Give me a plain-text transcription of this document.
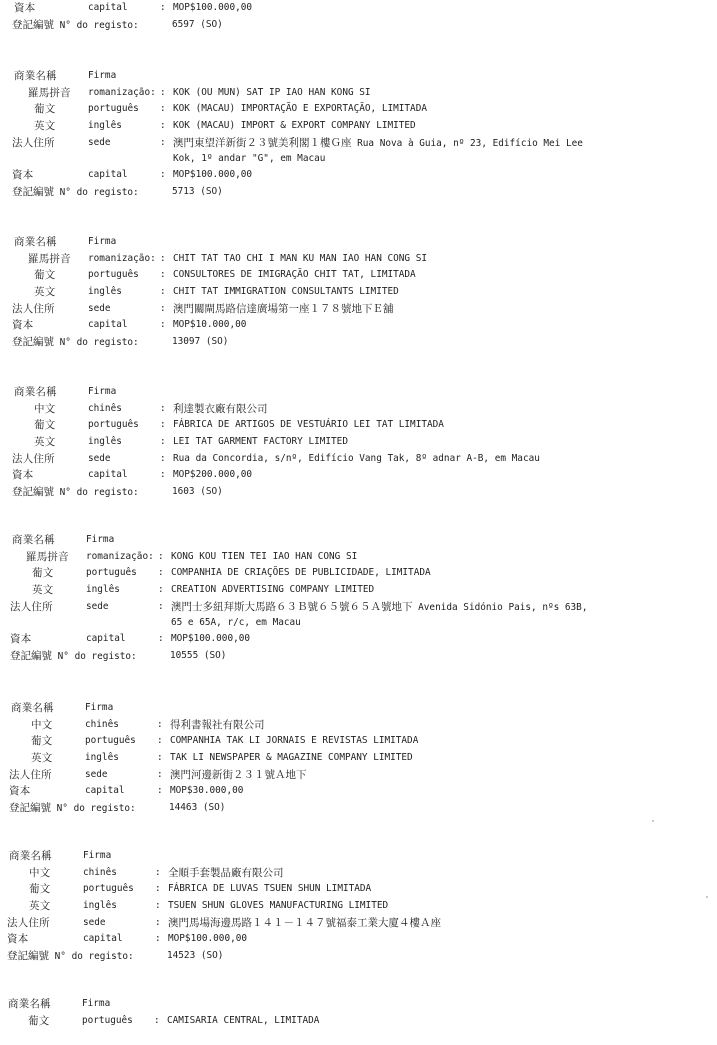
資本	capital	: MOP$100.000,00
登記編號 N° do registo:	6597 (SO)
商業名稱	Firma
羅馬拼音 romanização: : KOK (OU MUN) SAT IP IAO HAN KONG SI
葡文	português : KOK (MACAU) IMPORTAÇÃO E EXPORTAÇÃO, LIMITADA
英文	inglês	: KOK (MACAU) IMPORT & EXPORT COMPANY LIMITED
法人住所	sede	: 澳門東望洋新街２３號美利閣１樓Ｇ座 Rua Nova à Guia, nº 23, Edifício Mei Lee
Kok, 1º andar "G", em Macau
資本	capital	: MOP$100.000,00
登記編號 N° do registo:	5713 (SO)
商業名稱	Firma
羅馬拼音 romanização: : CHIT TAT TAO CHI I MAN KU MAN IAO HAN CONG SI
葡文	português : CONSULTORES DE IMIGRAÇÃO CHIT TAT, LIMITADA
英文	inglês	: CHIT TAT IMMIGRATION CONSULTANTS LIMITED
法人住所	sede	: 澳門關閘馬路信達廣場第一座１７８號地下Ｅ舖
資本	capital	: MOP$10.000,00
登記編號 N° do registo:	13097 (SO)
商業名稱	Firma
中文	chinês	: 利達製衣廠有限公司
葡文	português : FÁBRICA DE ARTIGOS DE VESTUÁRIO LEI TAT LIMITADA
英文	inglês	: LEI TAT GARMENT FACTORY LIMITED
法人住所	sede	: Rua da Concordia, s/nº, Edifício Vang Tak, 8º adnar A-B, em Macau
資本	capital	: MOP$200.000,00
登記編號 N° do registo:	1603 (SO)
商業名稱	Firma
羅馬拼音 romanização: : KONG KOU TIEN TEI IAO HAN CONG SI
葡文	português : COMPANHIA DE CRIAÇÕES DE PUBLICIDADE, LIMITADA
英文	inglês	: CREATION ADVERTISING COMPANY LIMITED
法人住所	sede	: 澳門士多紐拜斯大馬路６３Ｂ號６５號６５Ａ號地下 Avenida Sidónio Pais, nºs 63B,
65 e 65A, r/c, em Macau
資本	capital	: MOP$100.000,00
登記編號 N° do registo:	10555 (SO)
商業名稱	Firma
中文	chinês	: 得利書報社有限公司
葡文	português : COMPANHIA TAK LI JORNAIS E REVISTAS LIMITADA
英文	inglês	: TAK LI NEWSPAPER & MAGAZINE COMPANY LIMITED
法人住所	sede	: 澳門河邊新街２３１號Ａ地下
資本	capital	: MOP$30.000,00
登記編號 N° do registo:	14463 (SO)
商業名稱	Firma
中文	chinês	: 全順手套製品廠有限公司
葡文	português : FÁBRICA DE LUVAS TSUEN SHUN LIMITADA
英文	inglês	: TSUEN SHUN GLOVES MANUFACTURING LIMITED
法人住所	sede	: 澳門馬場海邊馬路１４１－１４７號福泰工業大廈４樓Ａ座
資本	capital	: MOP$100.000,00
登記編號 N° do registo:	14523 (SO)
商業名稱	Firma
葡文	português : CAMISARIA CENTRAL, LIMITADA
